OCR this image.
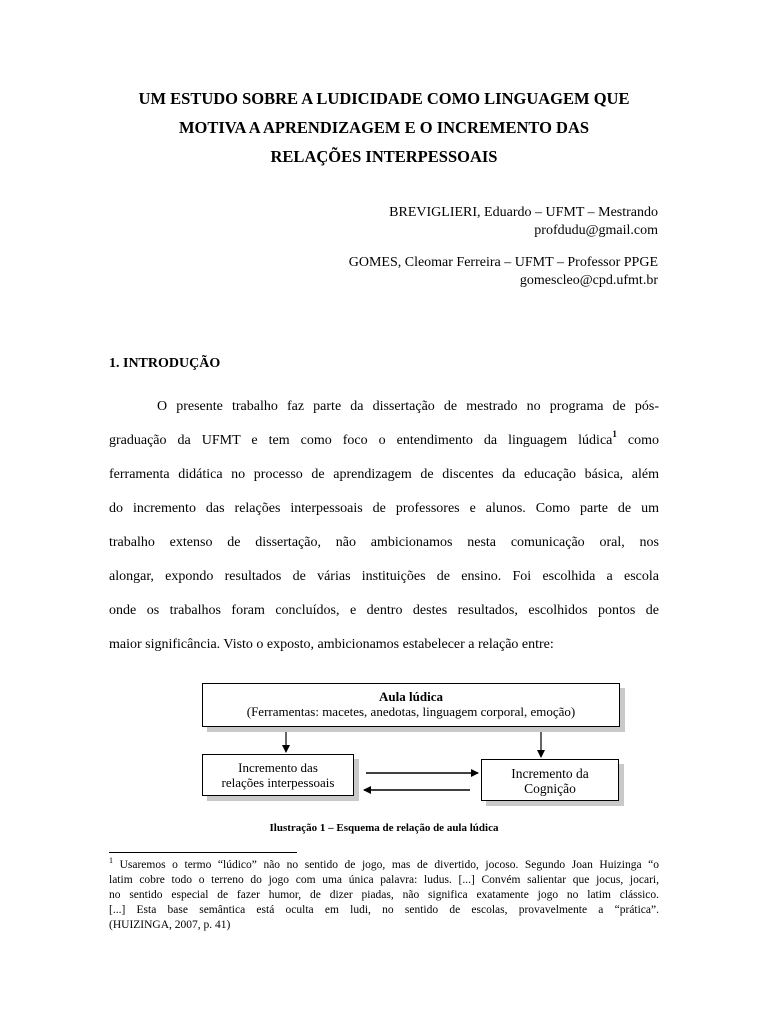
UM ESTUDO SOBRE A LUDICIDADE COMO LINGUAGEM QUE
MOTIVA A APRENDIZAGEM E O INCREMENTO DAS
RELAÇÕES INTERPESSOAIS
BREVIGLIERI, Eduardo – UFMT – Mestrando
profdudu@gmail.com
GOMES, Cleomar Ferreira – UFMT – Professor PPGE
gomescleo@cpd.ufmt.br
1. INTRODUÇÃO
O presente trabalho faz parte da dissertação de mestrado no programa de pós-
graduação da UFMT e tem como foco o entendimento da linguagem lúdica$^1$ como
ferramenta didática no processo de aprendizagem de discentes da educação básica, além
do incremento das relações interpessoais de professores e alunos. Como parte de um
trabalho extenso de dissertação, não ambicionamos nesta comunicação oral, nos
alongar, expondo resultados de várias instituições de ensino. Foi escolhida a escola
onde os trabalhos foram concluídos, e dentro destes resultados, escolhidos pontos de
maior significância. Visto o exposto, ambicionamos estabelecer a relação entre:
Aula lúdica
(Ferramentas: macetes, anedotas, linguagem corporal, emoção)
Incremento das
relações interpessoais
Incremento da
Cognição
Ilustração 1 – Esquema de relação de aula lúdica
$^1$ Usaremos o termo “lúdico” não no sentido de jogo, mas de divertido, jocoso. Segundo Joan Huizinga “o
latim cobre todo o terreno do jogo com uma única palavra: ludus. [...] Convém salientar que jocus, jocari,
no sentido especial de fazer humor, de dizer piadas, não significa exatamente jogo no latim clássico.
[...] Esta base semântica está oculta em ludi, no sentido de escolas, provavelmente a “prática”.
(HUIZINGA, 2007, p. 41)
